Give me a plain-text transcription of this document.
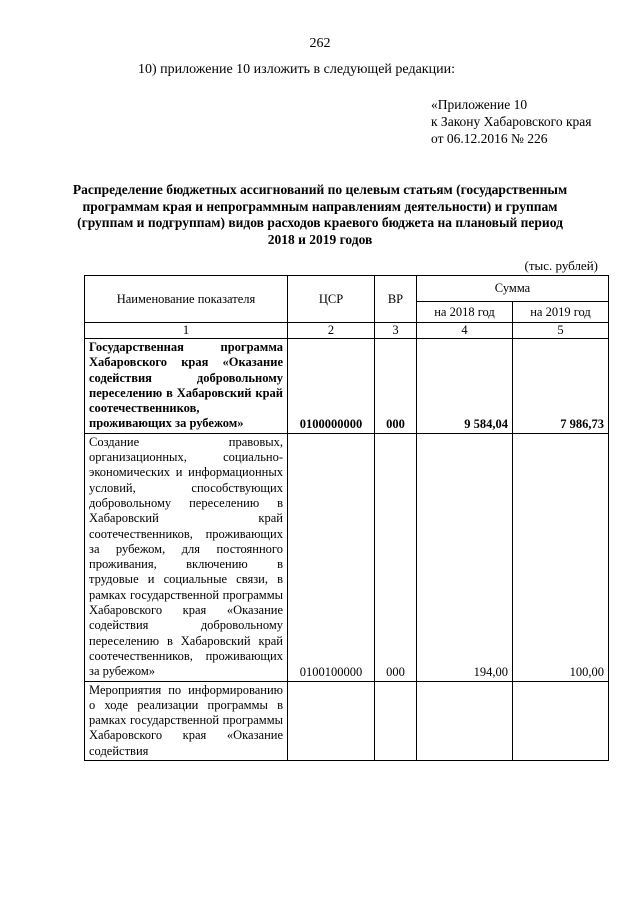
262
10) приложение 10 изложить в следующей редакции:
«Приложение 10
к Закону Хабаровского края
от 06.12.2016 № 226
Распределение бюджетных ассигнований по целевым статьям (государственным программам края и непрограммным направлениям деятельности) и группам (группам и подгруппам) видов расходов краевого бюджета на плановый период 2018 и 2019 годов
(тыс. рублей)
Наименование показателя	ЦСР	ВР	Сумма	
			на 2018 год	на 2019 год
1	2	3	4	5
Государственная программа Хабаровского края «Оказание содействия добровольному переселению в Хабаровский край соотечественников, проживающих за рубежом»	0100000000	000	9 584,04	7 986,73
Создание правовых, организационных, социально-экономических и информационных условий, способствующих добровольному переселению в Хабаровский край соотечественников, проживающих за рубежом, для постоянного проживания, включению в трудовые и социальные связи, в рамках государственной программы Хабаровского края «Оказание содействия добровольному переселению в Хабаровский край соотечественников, проживающих за рубежом»	0100100000	000	194,00	100,00
Мероприятия по информированию о ходе реализации программы в рамках государственной программы Хабаровского края «Оказание содействия				
